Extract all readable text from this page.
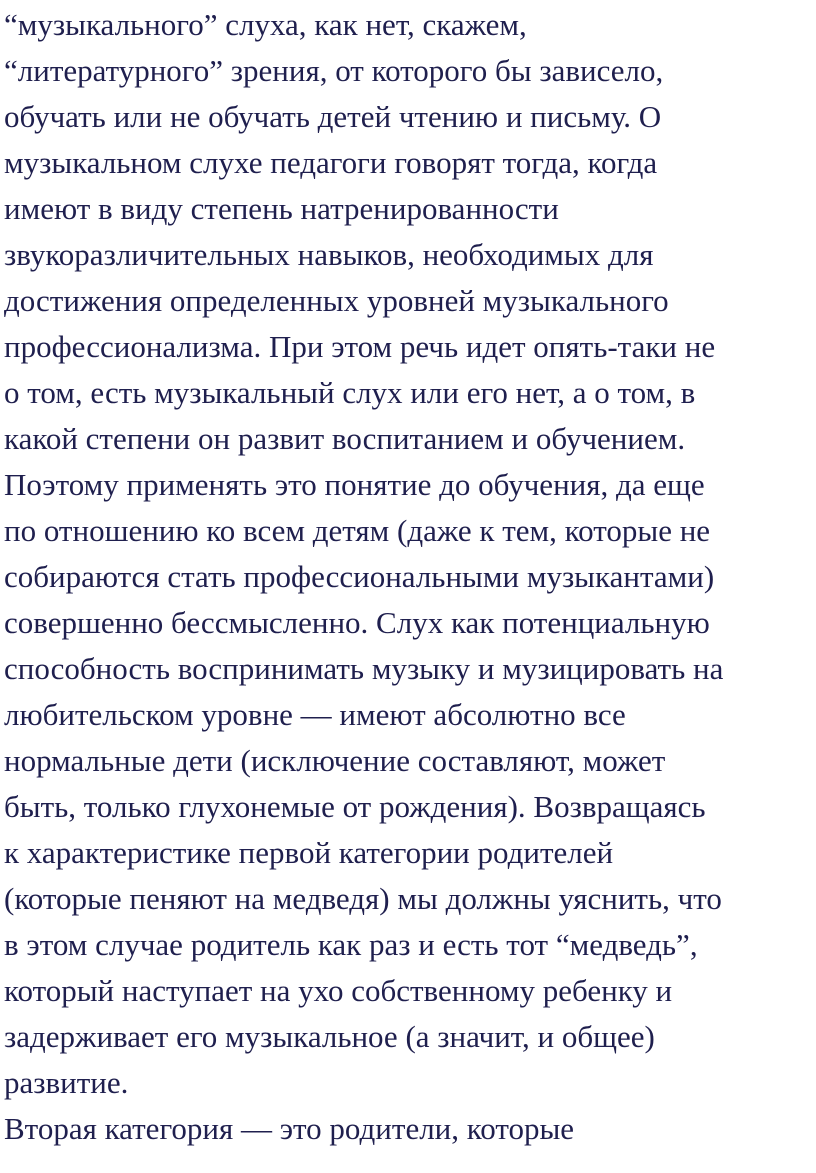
“музыкального” слуха, как нет, скажем,
“литературного” зрения, от которого бы зависело,
обучать или не обучать детей чтению и письму. О
музыкальном слухе педагоги говорят тогда, когда
имеют в виду степень натренированности
звукоразличительных навыков, необходимых для
достижения определенных уровней музыкального
профессионализма. При этом речь идет опять-таки не
о том, есть музыкальный слух или его нет, а о том, в
какой степени он развит воспитанием и обучением.
Поэтому применять это понятие до обучения, да еще
по отношению ко всем детям (даже к тем, которые не
собираются стать профессиональными музыкантами)
совершенно бессмысленно. Слух как потенциальную
способность воспринимать музыку и музицировать на
любительском уровне — имеют абсолютно все
нормальные дети (исключение составляют, может
быть, только глухонемые от рождения). Возвращаясь
к характеристике первой категории родителей
(которые пеняют на медведя) мы должны уяснить, что
в этом случае родитель как раз и есть тот “медведь”,
который наступает на ухо собственному ребенку и
задерживает его музыкальное (а значит, и общее)
развитие.
Вторая категория — это родители, которые
